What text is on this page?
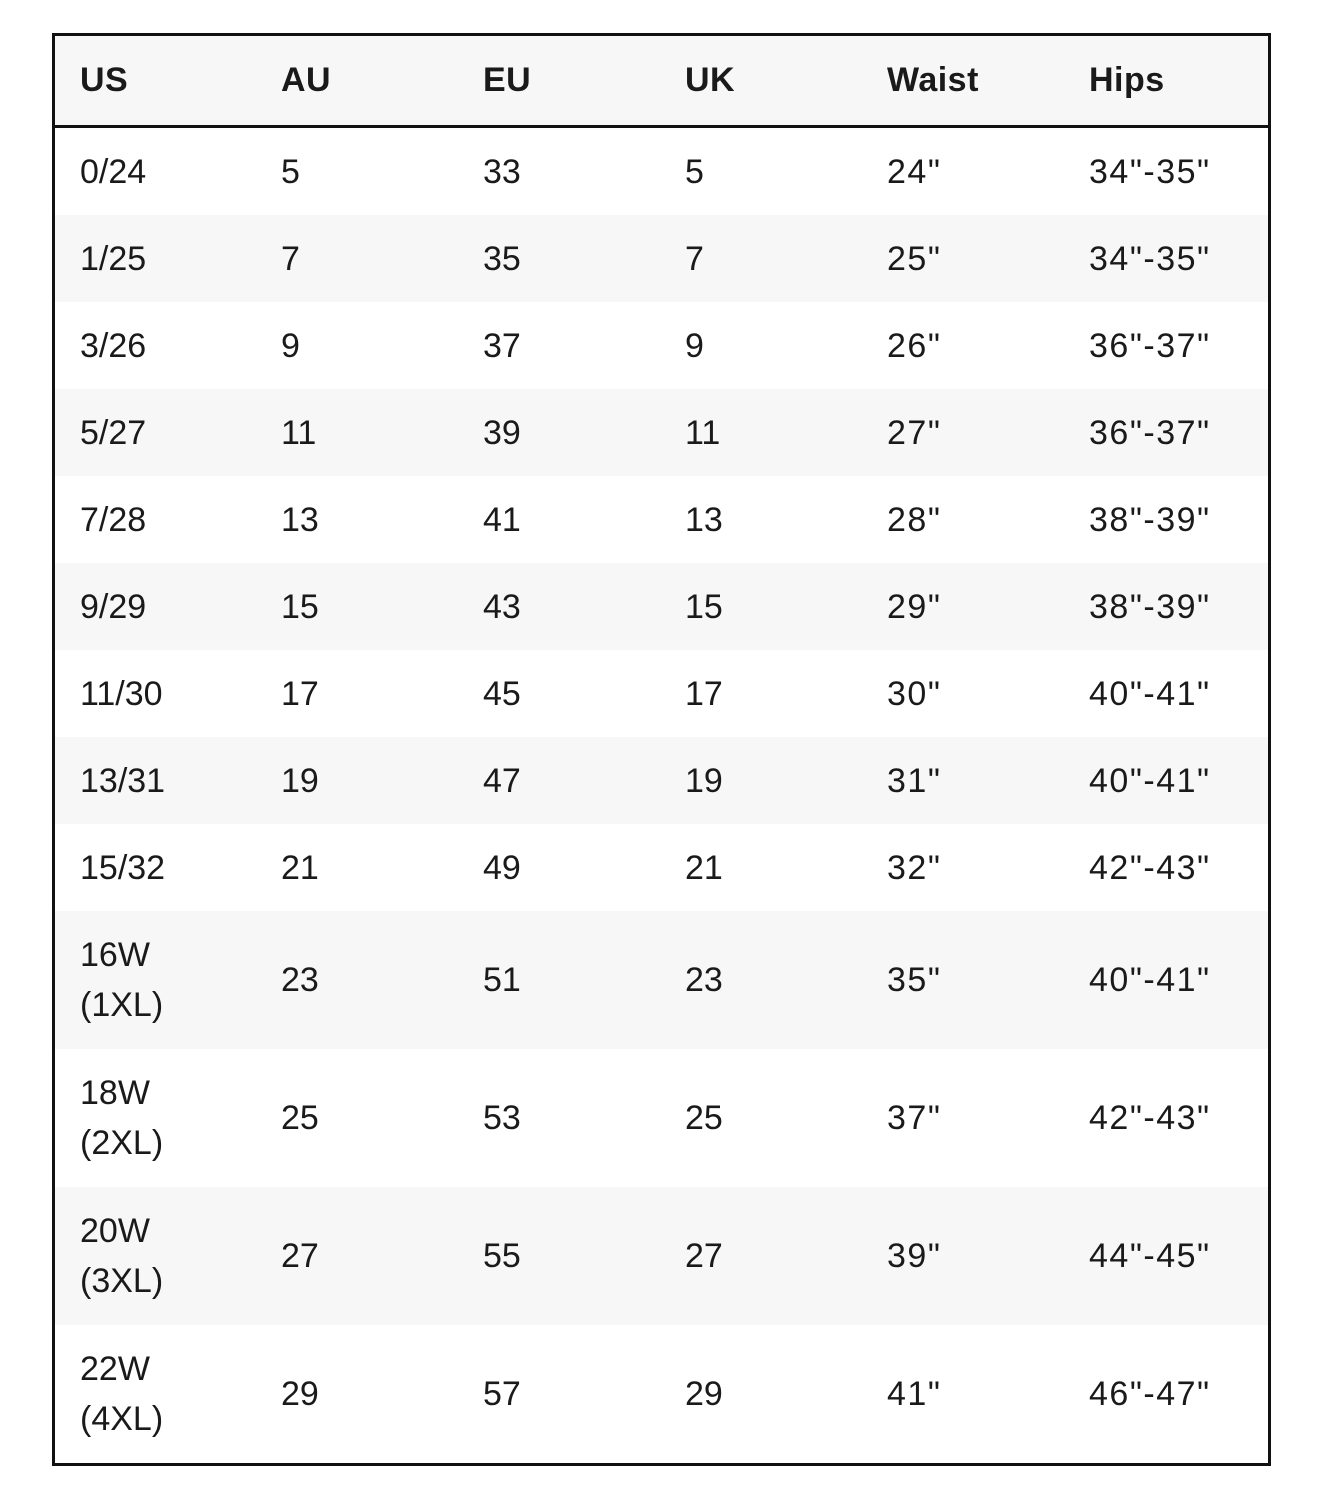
US	AU	EU	UK	Waist	Hips

0/24	5	33	5	24"	34"-35"

1/25	7	35	7	25"	34"-35"

3/26	9	37	9	26"	36"-37"

5/27	11	39	11	27"	36"-37"

7/28	13	41	13	28"	38"-39"

9/29	15	43	15	29"	38"-39"

11/30	17	45	17	30"	40"-41"

13/31	19	47	19	31"	40"-41"

15/32	21	49	21	32"	42"-43"

16W
(1XL)	23	51	23	35"	40"-41"

18W
(2XL)	25	53	25	37"	42"-43"

20W
(3XL)	27	55	27	39"	44"-45"

22W
(4XL)	29	57	29	41"	46"-47"
